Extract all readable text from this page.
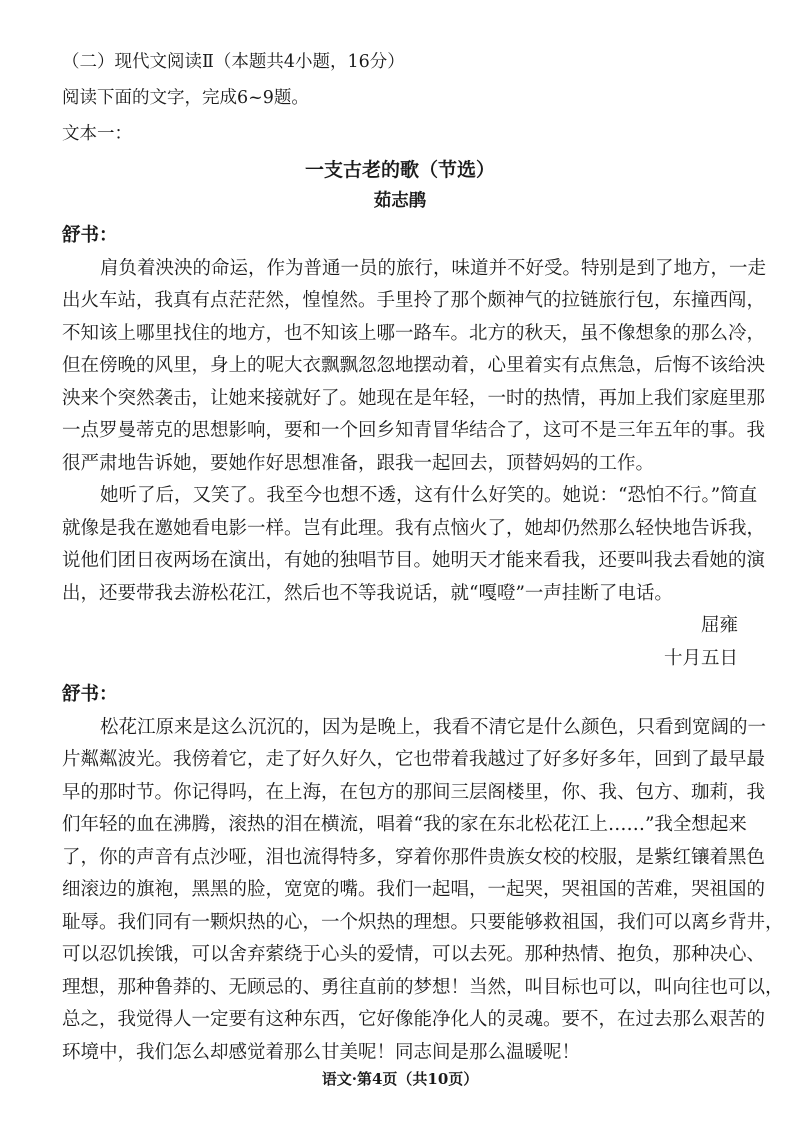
（二）现代文阅读Ⅱ（本题共4小题，16分）
阅读下面的文字，完成6~9题。
文本一：
一支古老的歌（节选）
茹志鹃
舒书：
肩负着泱泱的命运，作为普通一员的旅行，味道并不好受。特别是到了地方，一走
出火车站，我真有点茫茫然，惶惶然。手里拎了那个颇神气的拉链旅行包，东撞西闯，
不知该上哪里找住的地方，也不知该上哪一路车。北方的秋天，虽不像想象的那么冷，
但在傍晚的风里，身上的呢大衣飘飘忽忽地摆动着，心里着实有点焦急，后悔不该给泱
泱来个突然袭击，让她来接就好了。她现在是年轻，一时的热情，再加上我们家庭里那
一点罗曼蒂克的思想影响，要和一个回乡知青冒华结合了，这可不是三年五年的事。我
很严肃地告诉她，要她作好思想准备，跟我一起回去，顶替妈妈的工作。
她听了后，又笑了。我至今也想不透，这有什么好笑的。她说：“恐怕不行。”简直
就像是我在邀她看电影一样。岂有此理。我有点恼火了，她却仍然那么轻快地告诉我，
说他们团日夜两场在演出，有她的独唱节目。她明天才能来看我，还要叫我去看她的演
出，还要带我去游松花江，然后也不等我说话，就“嘎噔”一声挂断了电话。
屈雍
十月五日
舒书：
松花江原来是这么沉沉的，因为是晚上，我看不清它是什么颜色，只看到宽阔的一
片粼粼波光。我傍着它，走了好久好久，它也带着我越过了好多好多年，回到了最早最
早的那时节。你记得吗，在上海，在包方的那间三层阁楼里，你、我、包方、珈莉，我
们年轻的血在沸腾，滚热的泪在横流，唱着“我的家在东北松花江上……”我全想起来
了，你的声音有点沙哑，泪也流得特多，穿着你那件贵族女校的校服，是紫红镶着黑色
细滚边的旗袍，黑黑的脸，宽宽的嘴。我们一起唱，一起哭，哭祖国的苦难，哭祖国的
耻辱。我们同有一颗炽热的心，一个炽热的理想。只要能够救祖国，我们可以离乡背井，
可以忍饥挨饿，可以舍弃萦绕于心头的爱情，可以去死。那种热情、抱负，那种决心、
理想，那种鲁莽的、无顾忌的、勇往直前的梦想！当然，叫目标也可以，叫向往也可以，
总之，我觉得人一定要有这种东西，它好像能净化人的灵魂。要不，在过去那么艰苦的
环境中，我们怎么却感觉着那么甘美呢！同志间是那么温暖呢！
语文·第4页（共10页）
